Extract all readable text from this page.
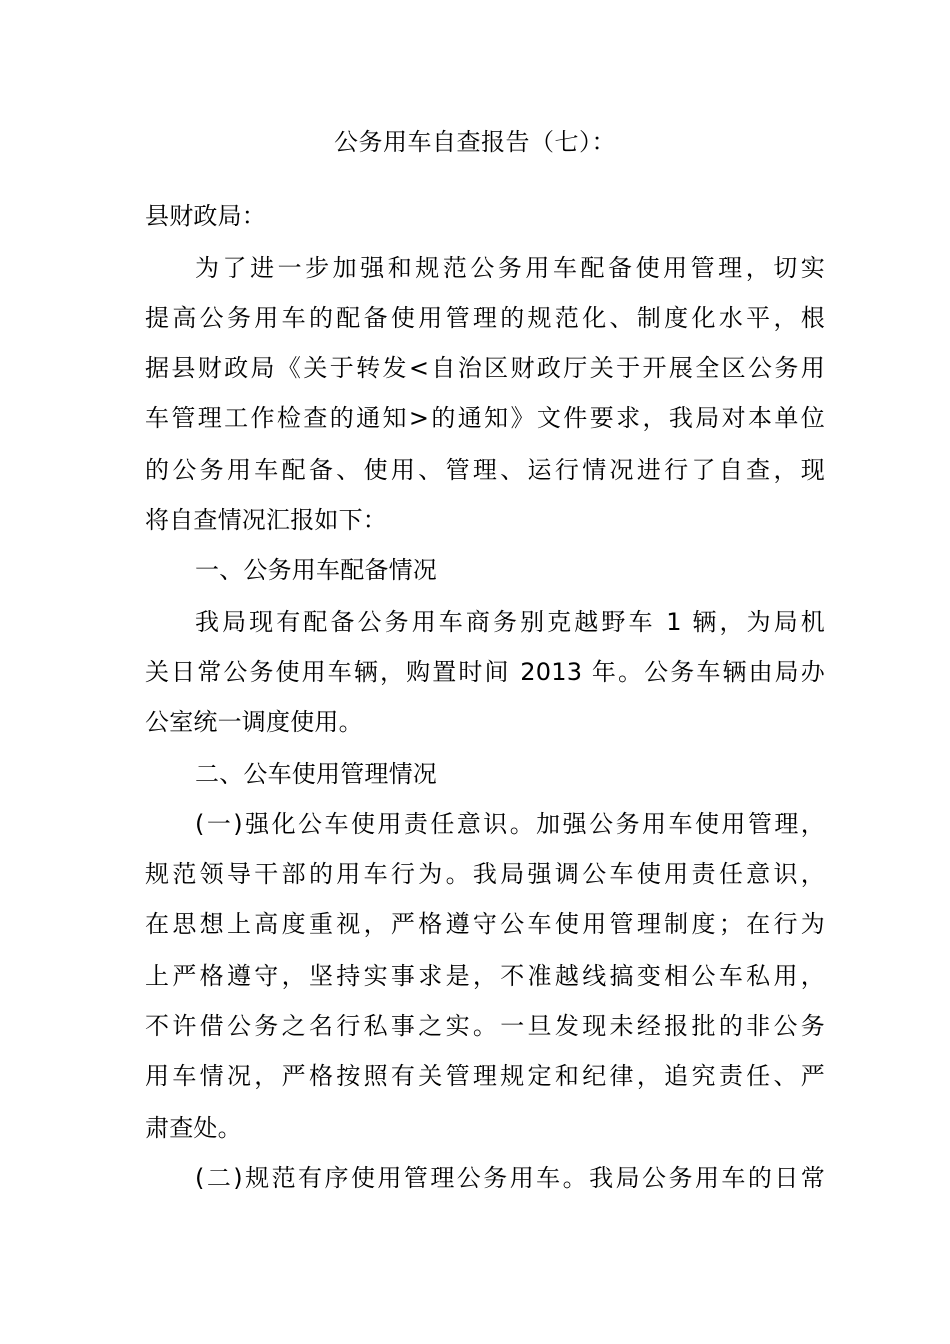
公务用车自查报告（七）：

县财政局：

为了进一步加强和规范公务用车配备使用管理，切实

提高公务用车的配备使用管理的规范化、制度化水平，根

据县财政局《关于转发<自治区财政厅关于开展全区公务用

车管理工作检查的通知>的通知》文件要求，我局对本单位

的公务用车配备、使用、管理、运行情况进行了自查，现

将自查情况汇报如下：

一、公务用车配备情况

我局现有配备公务用车商务别克越野车 1 辆，为局机

关日常公务使用车辆，购置时间 2013 年。公务车辆由局办

公室统一调度使用。

二、公车使用管理情况

(一)强化公车使用责任意识。加强公务用车使用管理，

规范领导干部的用车行为。我局强调公车使用责任意识，

在思想上高度重视，严格遵守公车使用管理制度；在行为

上严格遵守，坚持实事求是，不准越线搞变相公车私用，

不许借公务之名行私事之实。一旦发现未经报批的非公务

用车情况，严格按照有关管理规定和纪律，追究责任、严

肃查处。

(二)规范有序使用管理公务用车。我局公务用车的日常
